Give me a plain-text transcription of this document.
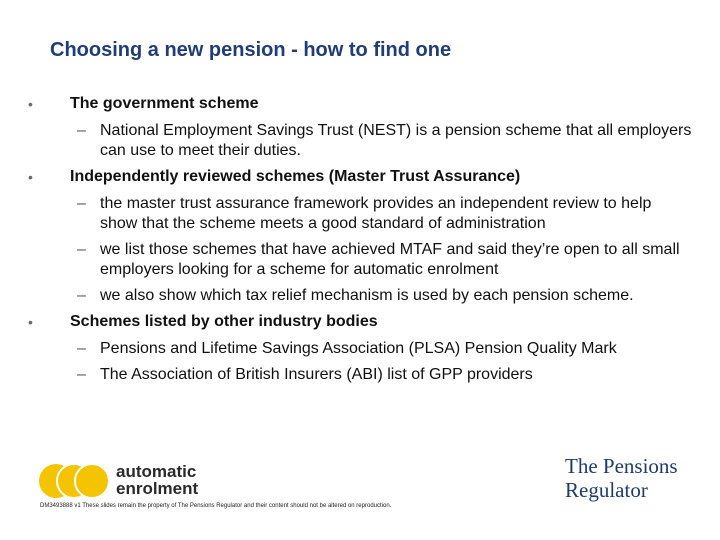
Choosing a new pension - how to find one
• The government scheme
– National Employment Savings Trust (NEST) is a pension scheme that all employers can use to meet their duties.
• Independently reviewed schemes (Master Trust Assurance)
– the master trust assurance framework provides an independent review to help show that the scheme meets a good standard of administration
– we list those schemes that have achieved MTAF and said they’re open to all small employers looking for a scheme for automatic enrolment
– we also show which tax relief mechanism is used by each pension scheme.
• Schemes listed by other industry bodies
– Pensions and Lifetime Savings Association (PLSA) Pension Quality Mark
– The Association of British Insurers (ABI) list of GPP providers
automatic
enrolment
The Pensions
Regulator
DM3493888 v1 These slides remain the property of The Pensions Regulator and their content should not be altered on reproduction.
